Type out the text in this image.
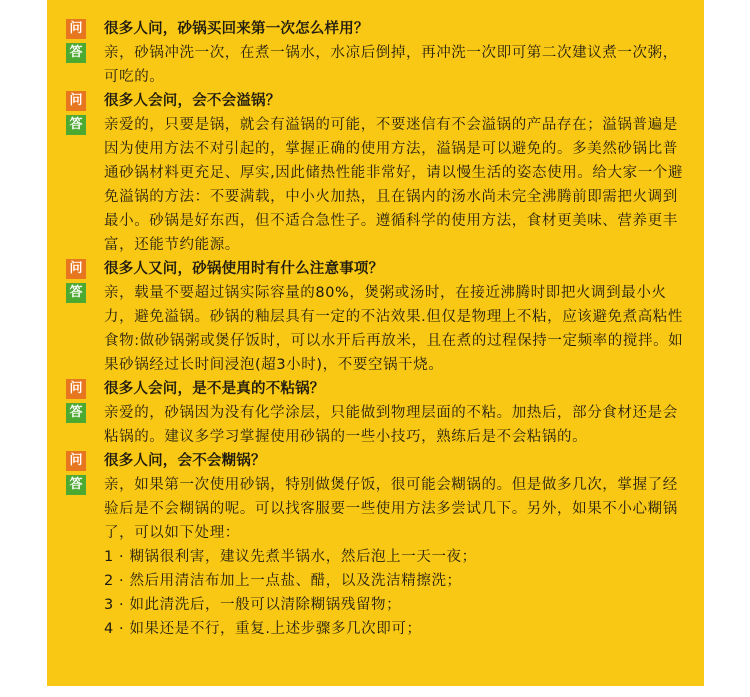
问 很多人问，砂锅买回来第一次怎么样用？
答 亲，砂锅冲洗一次，在煮一锅水，水凉后倒掉，再冲洗一次即可第二次建议煮一次粥，可吃的。
问 很多人会问，会不会溢锅？
答 亲爱的，只要是锅，就会有溢锅的可能，不要迷信有不会溢锅的产品存在；溢锅普遍是因为使用方法不对引起的，掌握正确的使用方法，溢锅是可以避免的。多美然砂锅比普通砂锅材料更充足、厚实,因此储热性能非常好，请以慢生活的姿态使用。给大家一个避免溢锅的方法：不要满载，中小火加热，且在锅内的汤水尚未完全沸腾前即需把火调到最小。砂锅是好东西，但不适合急性子。遵循科学的使用方法，食材更美味、营养更丰富，还能节约能源。
问 很多人又问，砂锅使用时有什么注意事项？
答 亲，载量不要超过锅实际容量的80%，煲粥或汤时，在接近沸腾时即把火调到最小火力，避免溢锅。砂锅的釉层具有一定的不沾效果.但仅是物理上不粘，应该避免煮高粘性食物:做砂锅粥或煲仔饭时，可以水开后再放米，且在煮的过程保持一定频率的搅拌。如果砂锅经过长时间浸泡(超3小时)，不要空锅干烧。
问 很多人会问，是不是真的不粘锅？
答 亲爱的，砂锅因为没有化学涂层，只能做到物理层面的不粘。加热后，部分食材还是会粘锅的。建议多学习掌握使用砂锅的一些小技巧，熟练后是不会粘锅的。
问 很多人问，会不会糊锅？
答 亲，如果第一次使用砂锅，特别做煲仔饭，很可能会糊锅的。但是做多几次，掌握了经验后是不会糊锅的呢。可以找客服要一些使用方法多尝试几下。另外，如果不小心糊锅了，可以如下处理：
1 · 糊锅很利害，建议先煮半锅水，然后泡上一天一夜；
2 · 然后用清洁布加上一点盐、醋，以及洗洁精擦洗；
3 · 如此清洗后，一般可以清除糊锅残留物；
4 · 如果还是不行，重复.上述步骤多几次即可；
